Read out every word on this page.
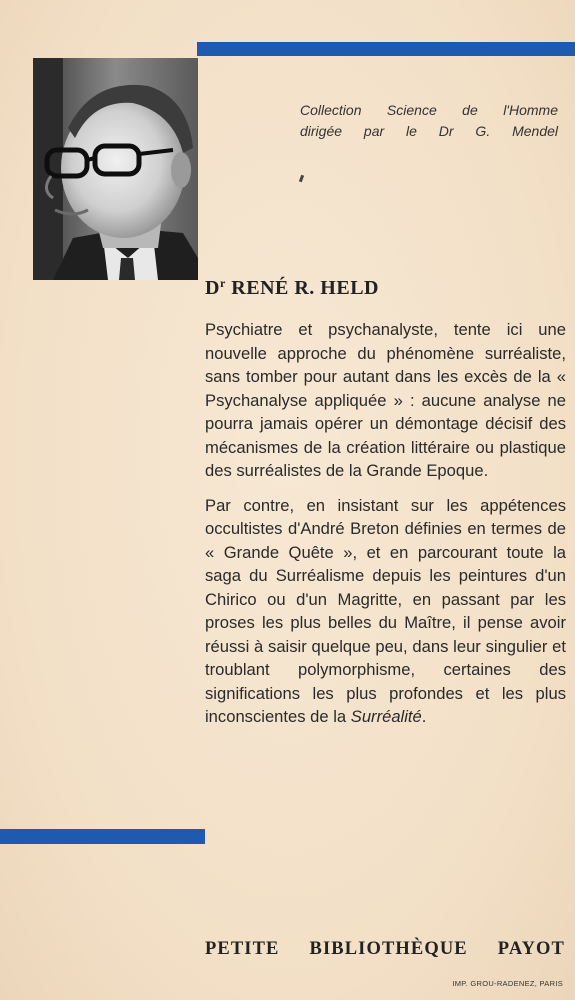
Collection Science de l'Homme
dirigée par le Dr G. Mendel
$D^r$ RENÉ R. HELD

Psychiatre et psychanalyste, tente ici une nouvelle approche du phénomène surréaliste, sans tomber pour autant dans les excès de la « Psychanalyse appliquée » : aucune analyse ne pourra jamais opérer un démontage décisif des mécanismes de la création littéraire ou plastique des surréalistes de la Grande Epoque.

Par contre, en insistant sur les appétences occultistes d'André Breton définies en termes de « Grande Quête », et en parcourant toute la saga du Surréalisme depuis les peintures d'un Chirico ou d'un Magritte, en passant par les proses les plus belles du Maître, il pense avoir réussi à saisir quelque peu, dans leur singulier et troublant polymorphisme, certaines des significations les plus profondes et les plus inconscientes de la Surréalité.

PETITE BIBLIOTHÈQUE PAYOT
IMP. GROU-RADENEZ, PARIS
